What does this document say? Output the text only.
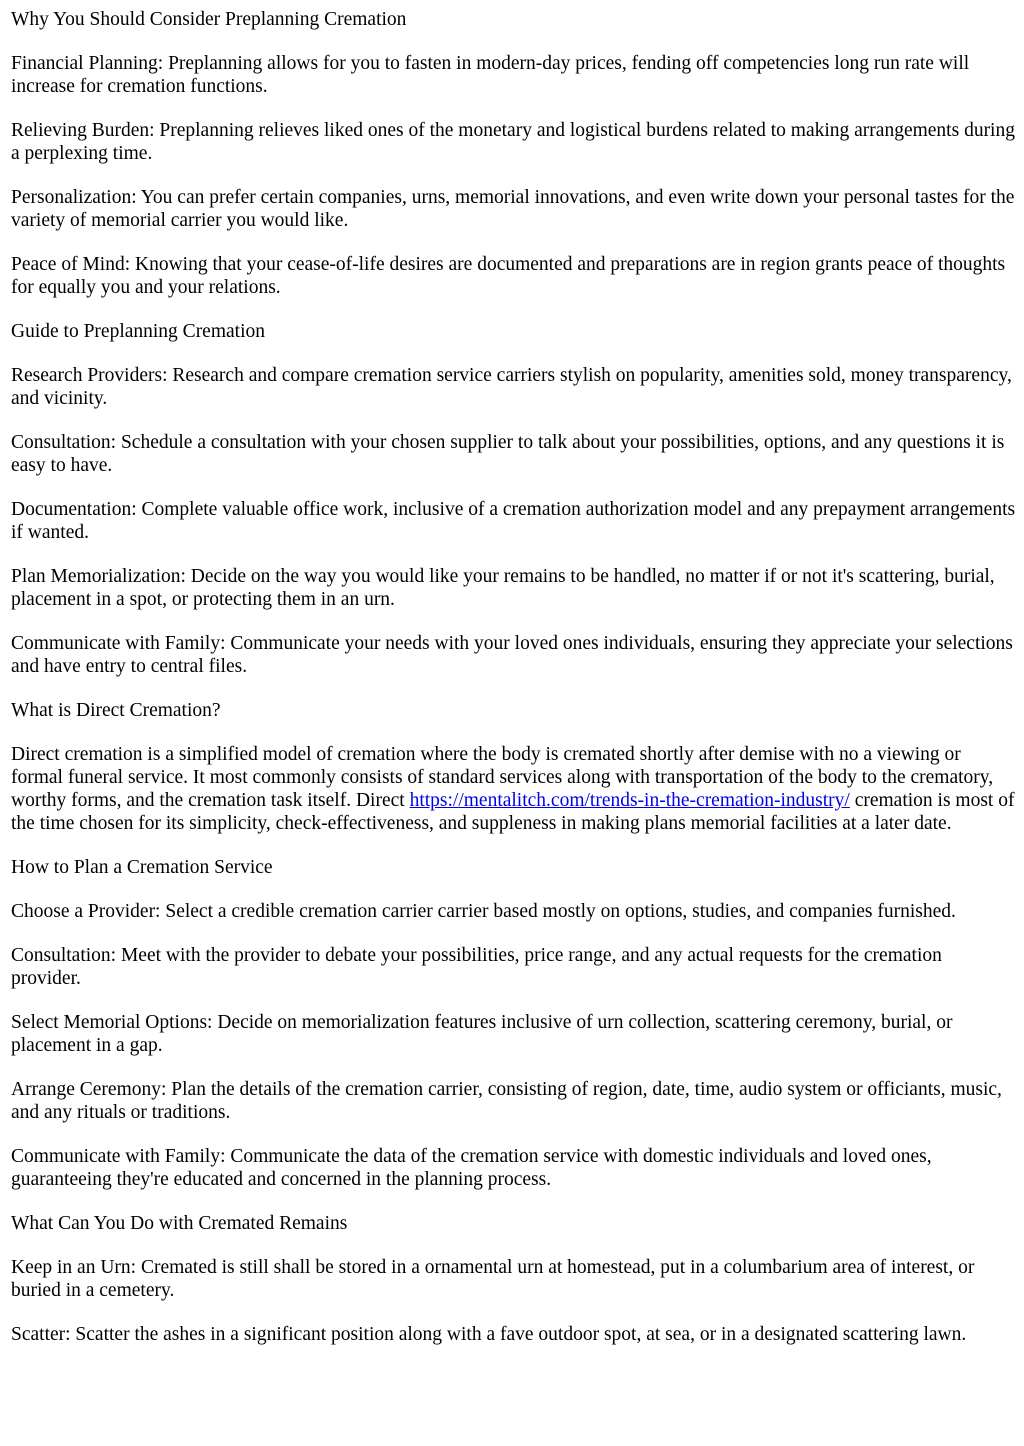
Why You Should Consider Preplanning Cremation

Financial Planning: Preplanning allows for you to fasten in modern-day prices, fending off competencies long run rate will increase for cremation functions.

Relieving Burden: Preplanning relieves liked ones of the monetary and logistical burdens related to making arrangements during a perplexing time.

Personalization: You can prefer certain companies, urns, memorial innovations, and even write down your personal tastes for the variety of memorial carrier you would like.

Peace of Mind: Knowing that your cease-of-life desires are documented and preparations are in region grants peace of thoughts for equally you and your relations.

Guide to Preplanning Cremation

Research Providers: Research and compare cremation service carriers stylish on popularity, amenities sold, money transparency, and vicinity.

Consultation: Schedule a consultation with your chosen supplier to talk about your possibilities, options, and any questions it is easy to have.

Documentation: Complete valuable office work, inclusive of a cremation authorization model and any prepayment arrangements if wanted.

Plan Memorialization: Decide on the way you would like your remains to be handled, no matter if or not it's scattering, burial, placement in a spot, or protecting them in an urn.

Communicate with Family: Communicate your needs with your loved ones individuals, ensuring they appreciate your selections and have entry to central files.

What is Direct Cremation?

Direct cremation is a simplified model of cremation where the body is cremated shortly after demise with no a viewing or formal funeral service. It most commonly consists of standard services along with transportation of the body to the crematory, worthy forms, and the cremation task itself. Direct https://mentalitch.com/trends-in-the-cremation-industry/ cremation is most of the time chosen for its simplicity, check-effectiveness, and suppleness in making plans memorial facilities at a later date.

How to Plan a Cremation Service

Choose a Provider: Select a credible cremation carrier carrier based mostly on options, studies, and companies furnished.

Consultation: Meet with the provider to debate your possibilities, price range, and any actual requests for the cremation provider.

Select Memorial Options: Decide on memorialization features inclusive of urn collection, scattering ceremony, burial, or placement in a gap.

Arrange Ceremony: Plan the details of the cremation carrier, consisting of region, date, time, audio system or officiants, music, and any rituals or traditions.

Communicate with Family: Communicate the data of the cremation service with domestic individuals and loved ones, guaranteeing they're educated and concerned in the planning process.

What Can You Do with Cremated Remains

Keep in an Urn: Cremated is still shall be stored in a ornamental urn at homestead, put in a columbarium area of interest, or buried in a cemetery.

Scatter: Scatter the ashes in a significant position along with a fave outdoor spot, at sea, or in a designated scattering lawn.
